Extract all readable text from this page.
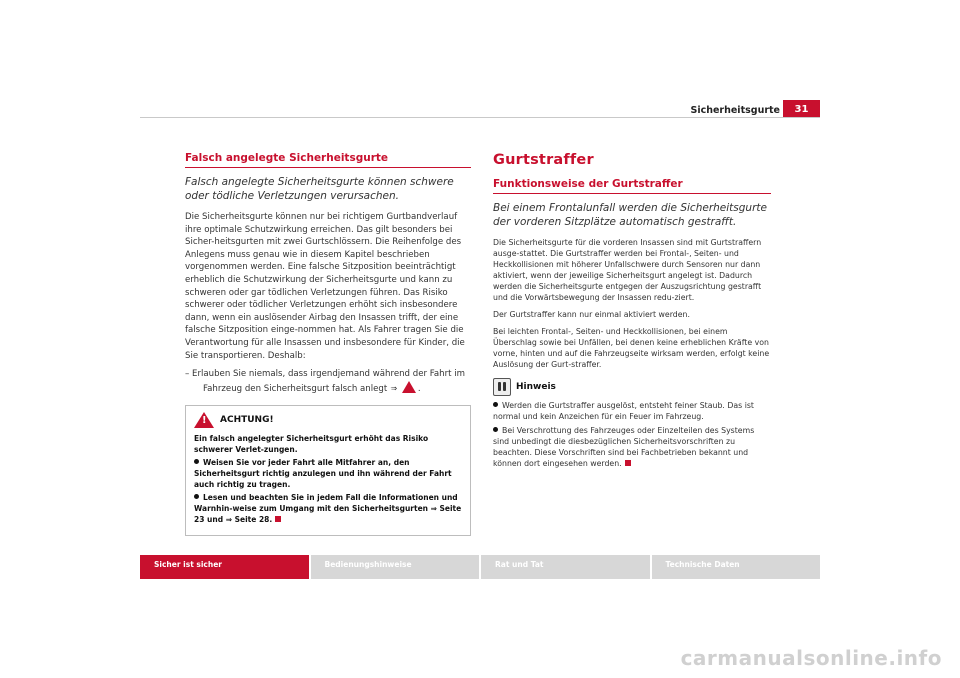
Sicherheitsgurte	31

Falsch angelegte Sicherheitsgurte

Falsch angelegte Sicherheitsgurte können schwere oder tödliche Verletzungen verursachen.

Die Sicherheitsgurte können nur bei richtigem Gurtbandverlauf ihre optimale Schutzwirkung erreichen. Das gilt besonders bei Sicher-heitsgurten mit zwei Gurtschlössern. Die Reihenfolge des Anlegens muss genau wie in diesem Kapitel beschrieben vorgenommen werden. Eine falsche Sitzposition beeinträchtigt erheblich die Schutzwirkung der Sicherheitsgurte und kann zu schweren oder gar tödlichen Verletzungen führen. Das Risiko schwerer oder tödlicher Verletzungen erhöht sich insbesondere dann, wenn ein auslösender Airbag den Insassen trifft, der eine falsche Sitzposition einge-nommen hat. Als Fahrer tragen Sie die Verantwortung für alle Insassen und insbesondere für Kinder, die Sie transportieren. Deshalb:

– Erlauben Sie niemals, dass irgendjemand während der Fahrt im Fahrzeug den Sicherheitsgurt falsch anlegt ⇒ ! .

!
ACHTUNG!

Ein falsch angelegter Sicherheitsgurt erhöht das Risiko schwerer Verlet-zungen.

Weisen Sie vor jeder Fahrt alle Mitfahrer an, den Sicherheitsgurt richtig anzulegen und ihn während der Fahrt auch richtig zu tragen.

Lesen und beachten Sie in jedem Fall die Informationen und Warnhin-weise zum Umgang mit den Sicherheitsgurten ⇒ Seite 23 und ⇒ Seite 28.

Gurtstraffer

Funktionsweise der Gurtstraffer

Bei einem Frontalunfall werden die Sicherheitsgurte der vorderen Sitzplätze automatisch gestrafft.

Die Sicherheitsgurte für die vorderen Insassen sind mit Gurtstraffern ausge-stattet. Die Gurtstraffer werden bei Frontal-, Seiten- und Heckkollisionen mit höherer Unfallschwere durch Sensoren nur dann aktiviert, wenn der jeweilige Sicherheitsgurt angelegt ist. Dadurch werden die Sicherheitsgurte entgegen der Auszugsrichtung gestrafft und die Vorwärtsbewegung der Insassen redu-ziert.

Der Gurtstraffer kann nur einmal aktiviert werden.

Bei leichten Frontal-, Seiten- und Heckkollisionen, bei einem Überschlag sowie bei Unfällen, bei denen keine erheblichen Kräfte von vorne, hinten und auf die Fahrzeugseite wirksam werden, erfolgt keine Auslösung der Gurt-straffer.

Hinweis

Werden die Gurtstraffer ausgelöst, entsteht feiner Staub. Das ist normal und kein Anzeichen für ein Feuer im Fahrzeug.

Bei Verschrottung des Fahrzeuges oder Einzelteilen des Systems sind unbedingt die diesbezüglichen Sicherheitsvorschriften zu beachten. Diese Vorschriften sind bei Fachbetrieben bekannt und können dort eingesehen werden.

Sicher ist sicher	Bedienungshinweise	Rat und Tat	Technische Daten
carmanualsonline.info
